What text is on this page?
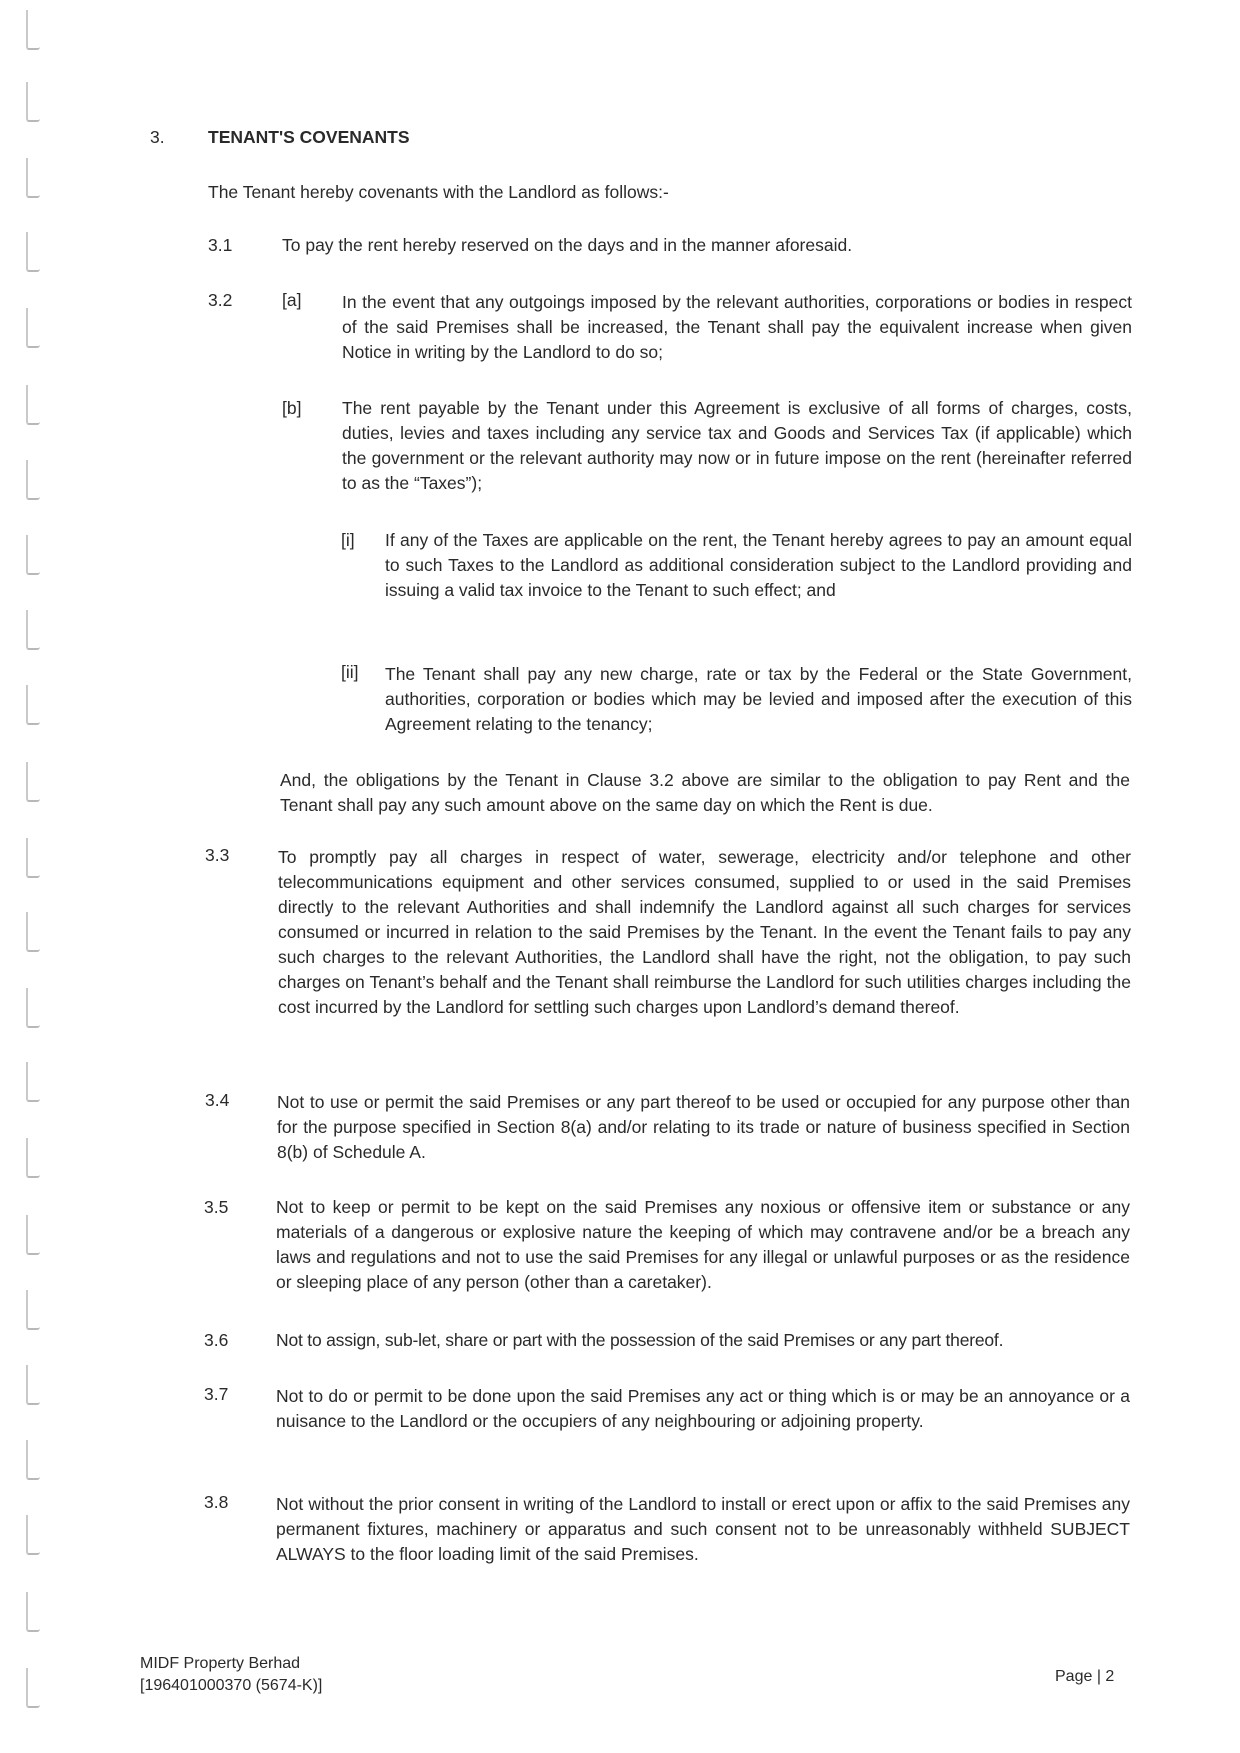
3. TENANT'S COVENANTS
The Tenant hereby covenants with the Landlord as follows:-
3.1	To pay the rent hereby reserved on the days and in the manner aforesaid.
3.2	[a] In the event that any outgoings imposed by the relevant authorities, corporations or bodies in respect of the said Premises shall be increased, the Tenant shall pay the equivalent increase when given Notice in writing by the Landlord to do so;
[b] The rent payable by the Tenant under this Agreement is exclusive of all forms of charges, costs, duties, levies and taxes including any service tax and Goods and Services Tax (if applicable) which the government or the relevant authority may now or in future impose on the rent (hereinafter referred to as the “Taxes”);
[i] If any of the Taxes are applicable on the rent, the Tenant hereby agrees to pay an amount equal to such Taxes to the Landlord as additional consideration subject to the Landlord providing and issuing a valid tax invoice to the Tenant to such effect; and
[ii] The Tenant shall pay any new charge, rate or tax by the Federal or the State Government, authorities, corporation or bodies which may be levied and imposed after the execution of this Agreement relating to the tenancy;
And, the obligations by the Tenant in Clause 3.2 above are similar to the obligation to pay Rent and the Tenant shall pay any such amount above on the same day on which the Rent is due.
3.3	To promptly pay all charges in respect of water, sewerage, electricity and/or telephone and other telecommunications equipment and other services consumed, supplied to or used in the said Premises directly to the relevant Authorities and shall indemnify the Landlord against all such charges for services consumed or incurred in relation to the said Premises by the Tenant. In the event the Tenant fails to pay any such charges to the relevant Authorities, the Landlord shall have the right, not the obligation, to pay such charges on Tenant’s behalf and the Tenant shall reimburse the Landlord for such utilities charges including the cost incurred by the Landlord for settling such charges upon Landlord’s demand thereof.
3.4	Not to use or permit the said Premises or any part thereof to be used or occupied for any purpose other than for the purpose specified in Section 8(a) and/or relating to its trade or nature of business specified in Section 8(b) of Schedule A.
3.5	Not to keep or permit to be kept on the said Premises any noxious or offensive item or substance or any materials of a dangerous or explosive nature the keeping of which may contravene and/or be a breach any laws and regulations and not to use the said Premises for any illegal or unlawful purposes or as the residence or sleeping place of any person (other than a caretaker).
3.6	Not to assign, sub-let, share or part with the possession of the said Premises or any part thereof.
3.7	Not to do or permit to be done upon the said Premises any act or thing which is or may be an annoyance or a nuisance to the Landlord or the occupiers of any neighbouring or adjoining property.
3.8	Not without the prior consent in writing of the Landlord to install or erect upon or affix to the said Premises any permanent fixtures, machinery or apparatus and such consent not to be unreasonably withheld SUBJECT ALWAYS to the floor loading limit of the said Premises.
MIDF Property Berhad
[196401000370 (5674-K)]
Page | 2
